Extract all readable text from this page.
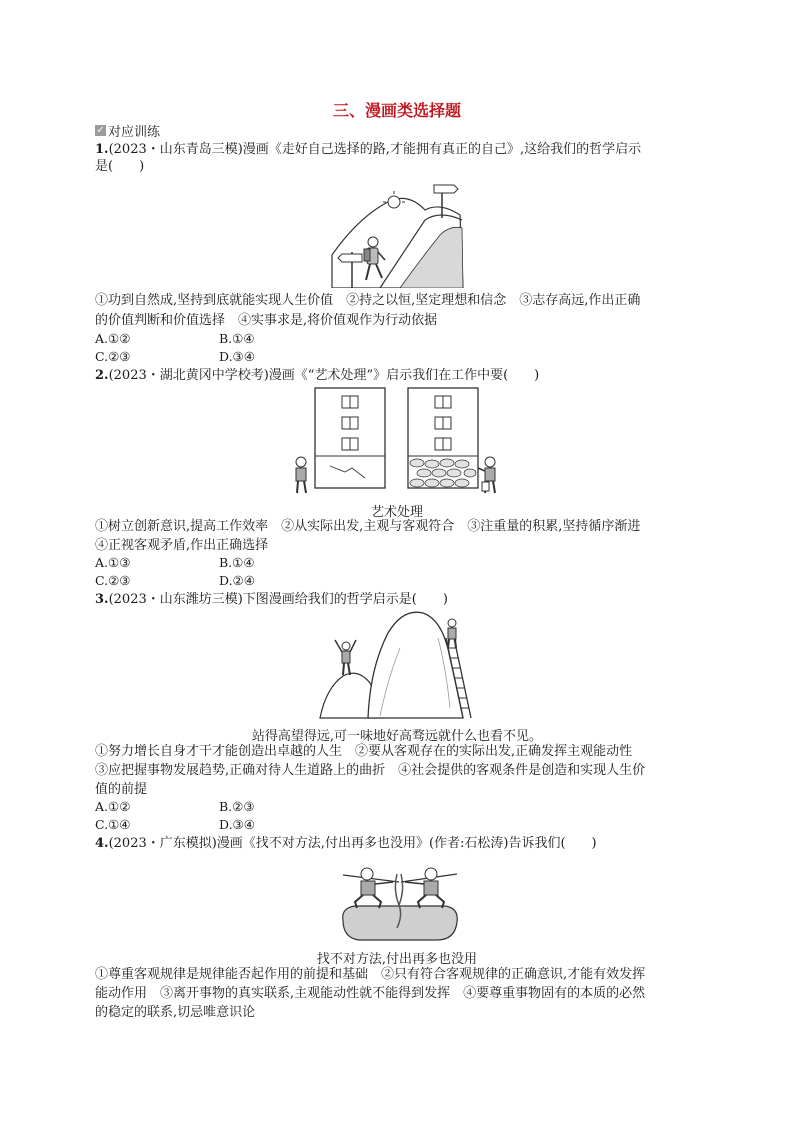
三、漫画类选择题
✓ 对应训练
1.(2023・山东青岛三模)漫画《走好自己选择的路,才能拥有真正的自己》,这给我们的哲学启示
是(　　)
①功到自然成,坚持到底就能实现人生价值　②持之以恒,坚定理想和信念　③志存高远,作出正确
的价值判断和价值选择　④实事求是,将价值观作为行动依据
A.①②	B.①④
C.②③	D.③④
2.(2023・湖北黄冈中学校考)漫画《“艺术处理”》启示我们在工作中要(　　)
艺术处理
①树立创新意识,提高工作效率　②从实际出发,主观与客观符合　③注重量的积累,坚持循序渐进
④正视客观矛盾,作出正确选择
A.①③	B.①④
C.②③	D.②④
3.(2023・山东潍坊三模)下图漫画给我们的哲学启示是(　　)
站得高望得远,可一味地好高骛远就什么也看不见。
①努力增长自身才干才能创造出卓越的人生　②要从客观存在的实际出发,正确发挥主观能动性
③应把握事物发展趋势,正确对待人生道路上的曲折　④社会提供的客观条件是创造和实现人生价
值的前提
A.①②	B.②③
C.①④	D.③④
4.(2023・广东模拟)漫画《找不对方法,付出再多也没用》(作者:石松涛)告诉我们(　　)
找不对方法,付出再多也没用
①尊重客观规律是规律能否起作用的前提和基础　②只有符合客观规律的正确意识,才能有效发挥
能动作用　③离开事物的真实联系,主观能动性就不能得到发挥　④要尊重事物固有的本质的必然
的稳定的联系,切忌唯意识论
